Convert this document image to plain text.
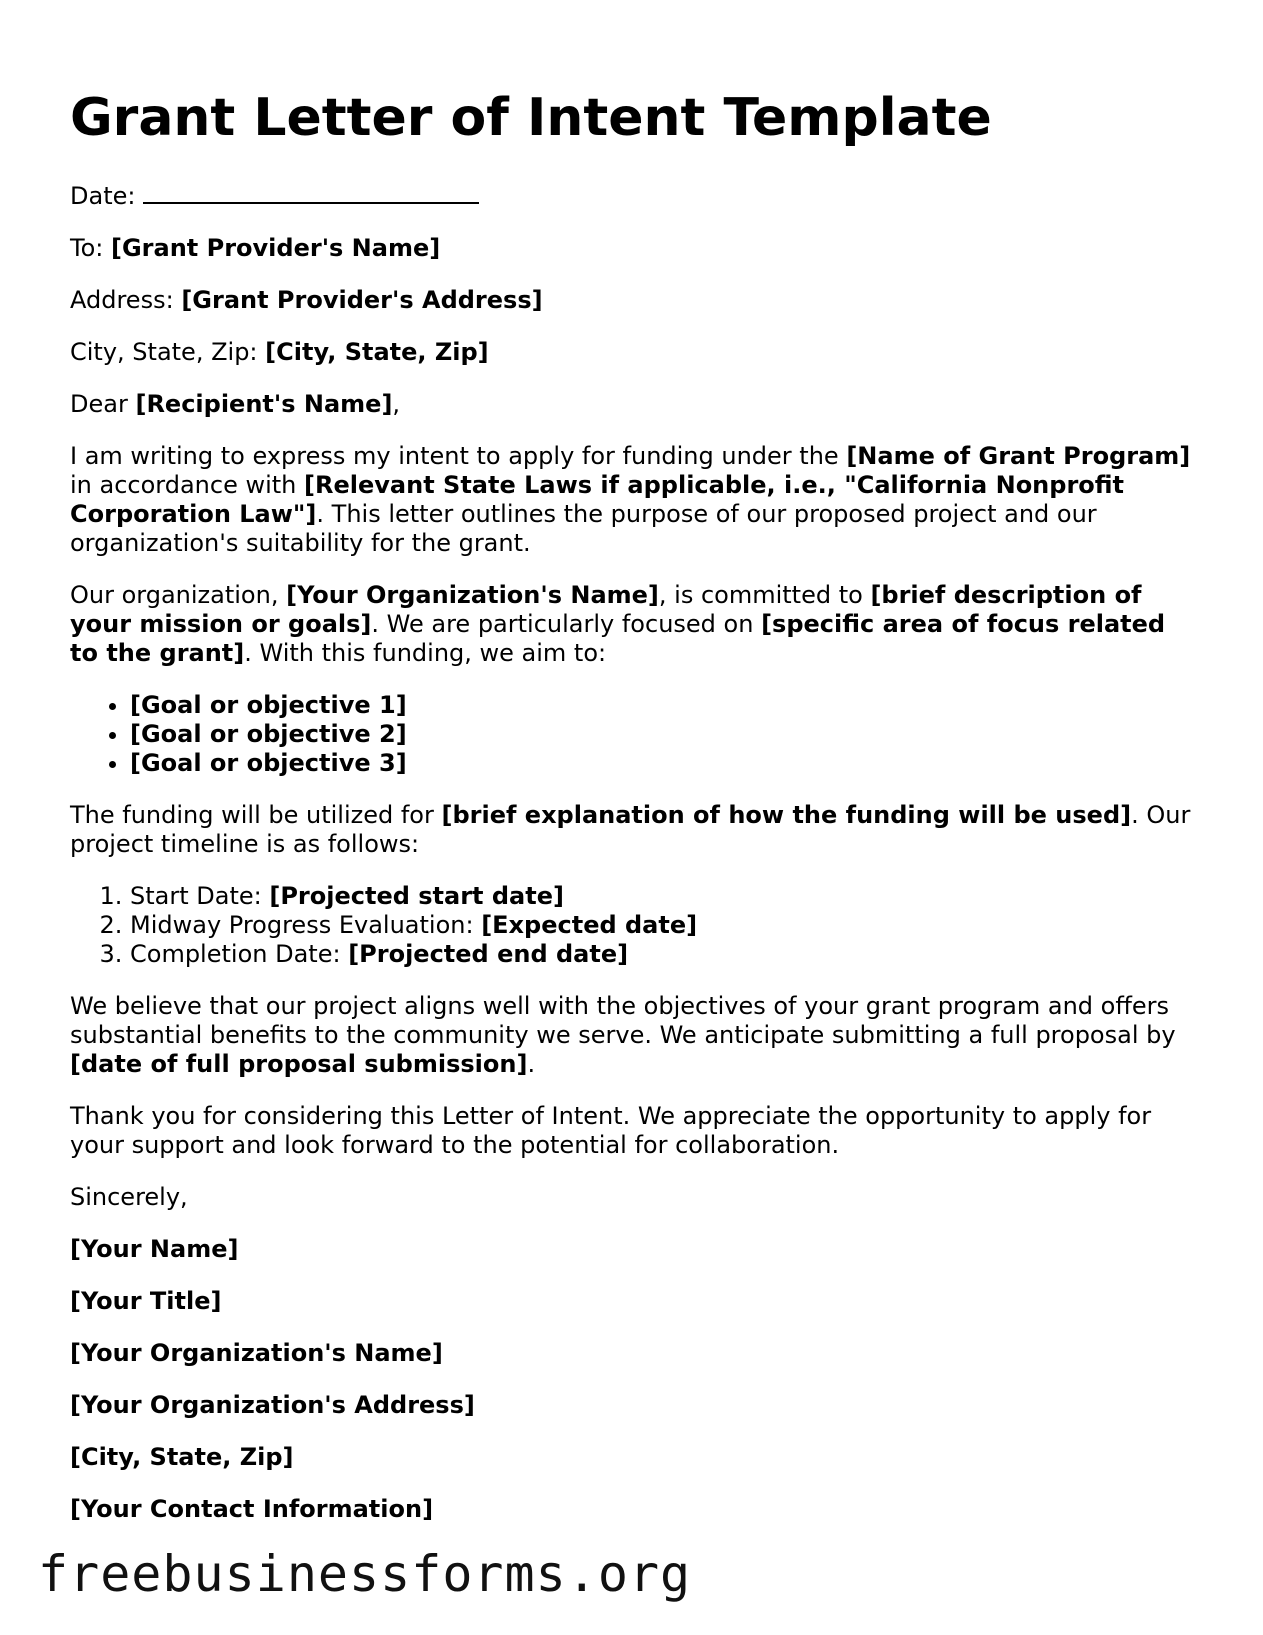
Grant Letter of Intent Template

Date:

To: [Grant Provider's Name]

Address: [Grant Provider's Address]

City, State, Zip: [City, State, Zip]

Dear [Recipient's Name],

I am writing to express my intent to apply for funding under the [Name of Grant Program] in accordance with [Relevant State Laws if applicable, i.e., "California Nonprofit Corporation Law"]. This letter outlines the purpose of our proposed project and our organization's suitability for the grant.

Our organization, [Your Organization's Name], is committed to [brief description of your mission or goals]. We are particularly focused on [specific area of focus related to the grant]. With this funding, we aim to:

• [Goal or objective 1]
• [Goal or objective 2]
• [Goal or objective 3]

The funding will be utilized for [brief explanation of how the funding will be used]. Our project timeline is as follows:

1. Start Date: [Projected start date]
2. Midway Progress Evaluation: [Expected date]
3. Completion Date: [Projected end date]

We believe that our project aligns well with the objectives of your grant program and offers substantial benefits to the community we serve. We anticipate submitting a full proposal by [date of full proposal submission].

Thank you for considering this Letter of Intent. We appreciate the opportunity to apply for your support and look forward to the potential for collaboration.

Sincerely,

[Your Name]

[Your Title]

[Your Organization's Name]

[Your Organization's Address]

[City, State, Zip]

[Your Contact Information]

freebusinessforms.org
